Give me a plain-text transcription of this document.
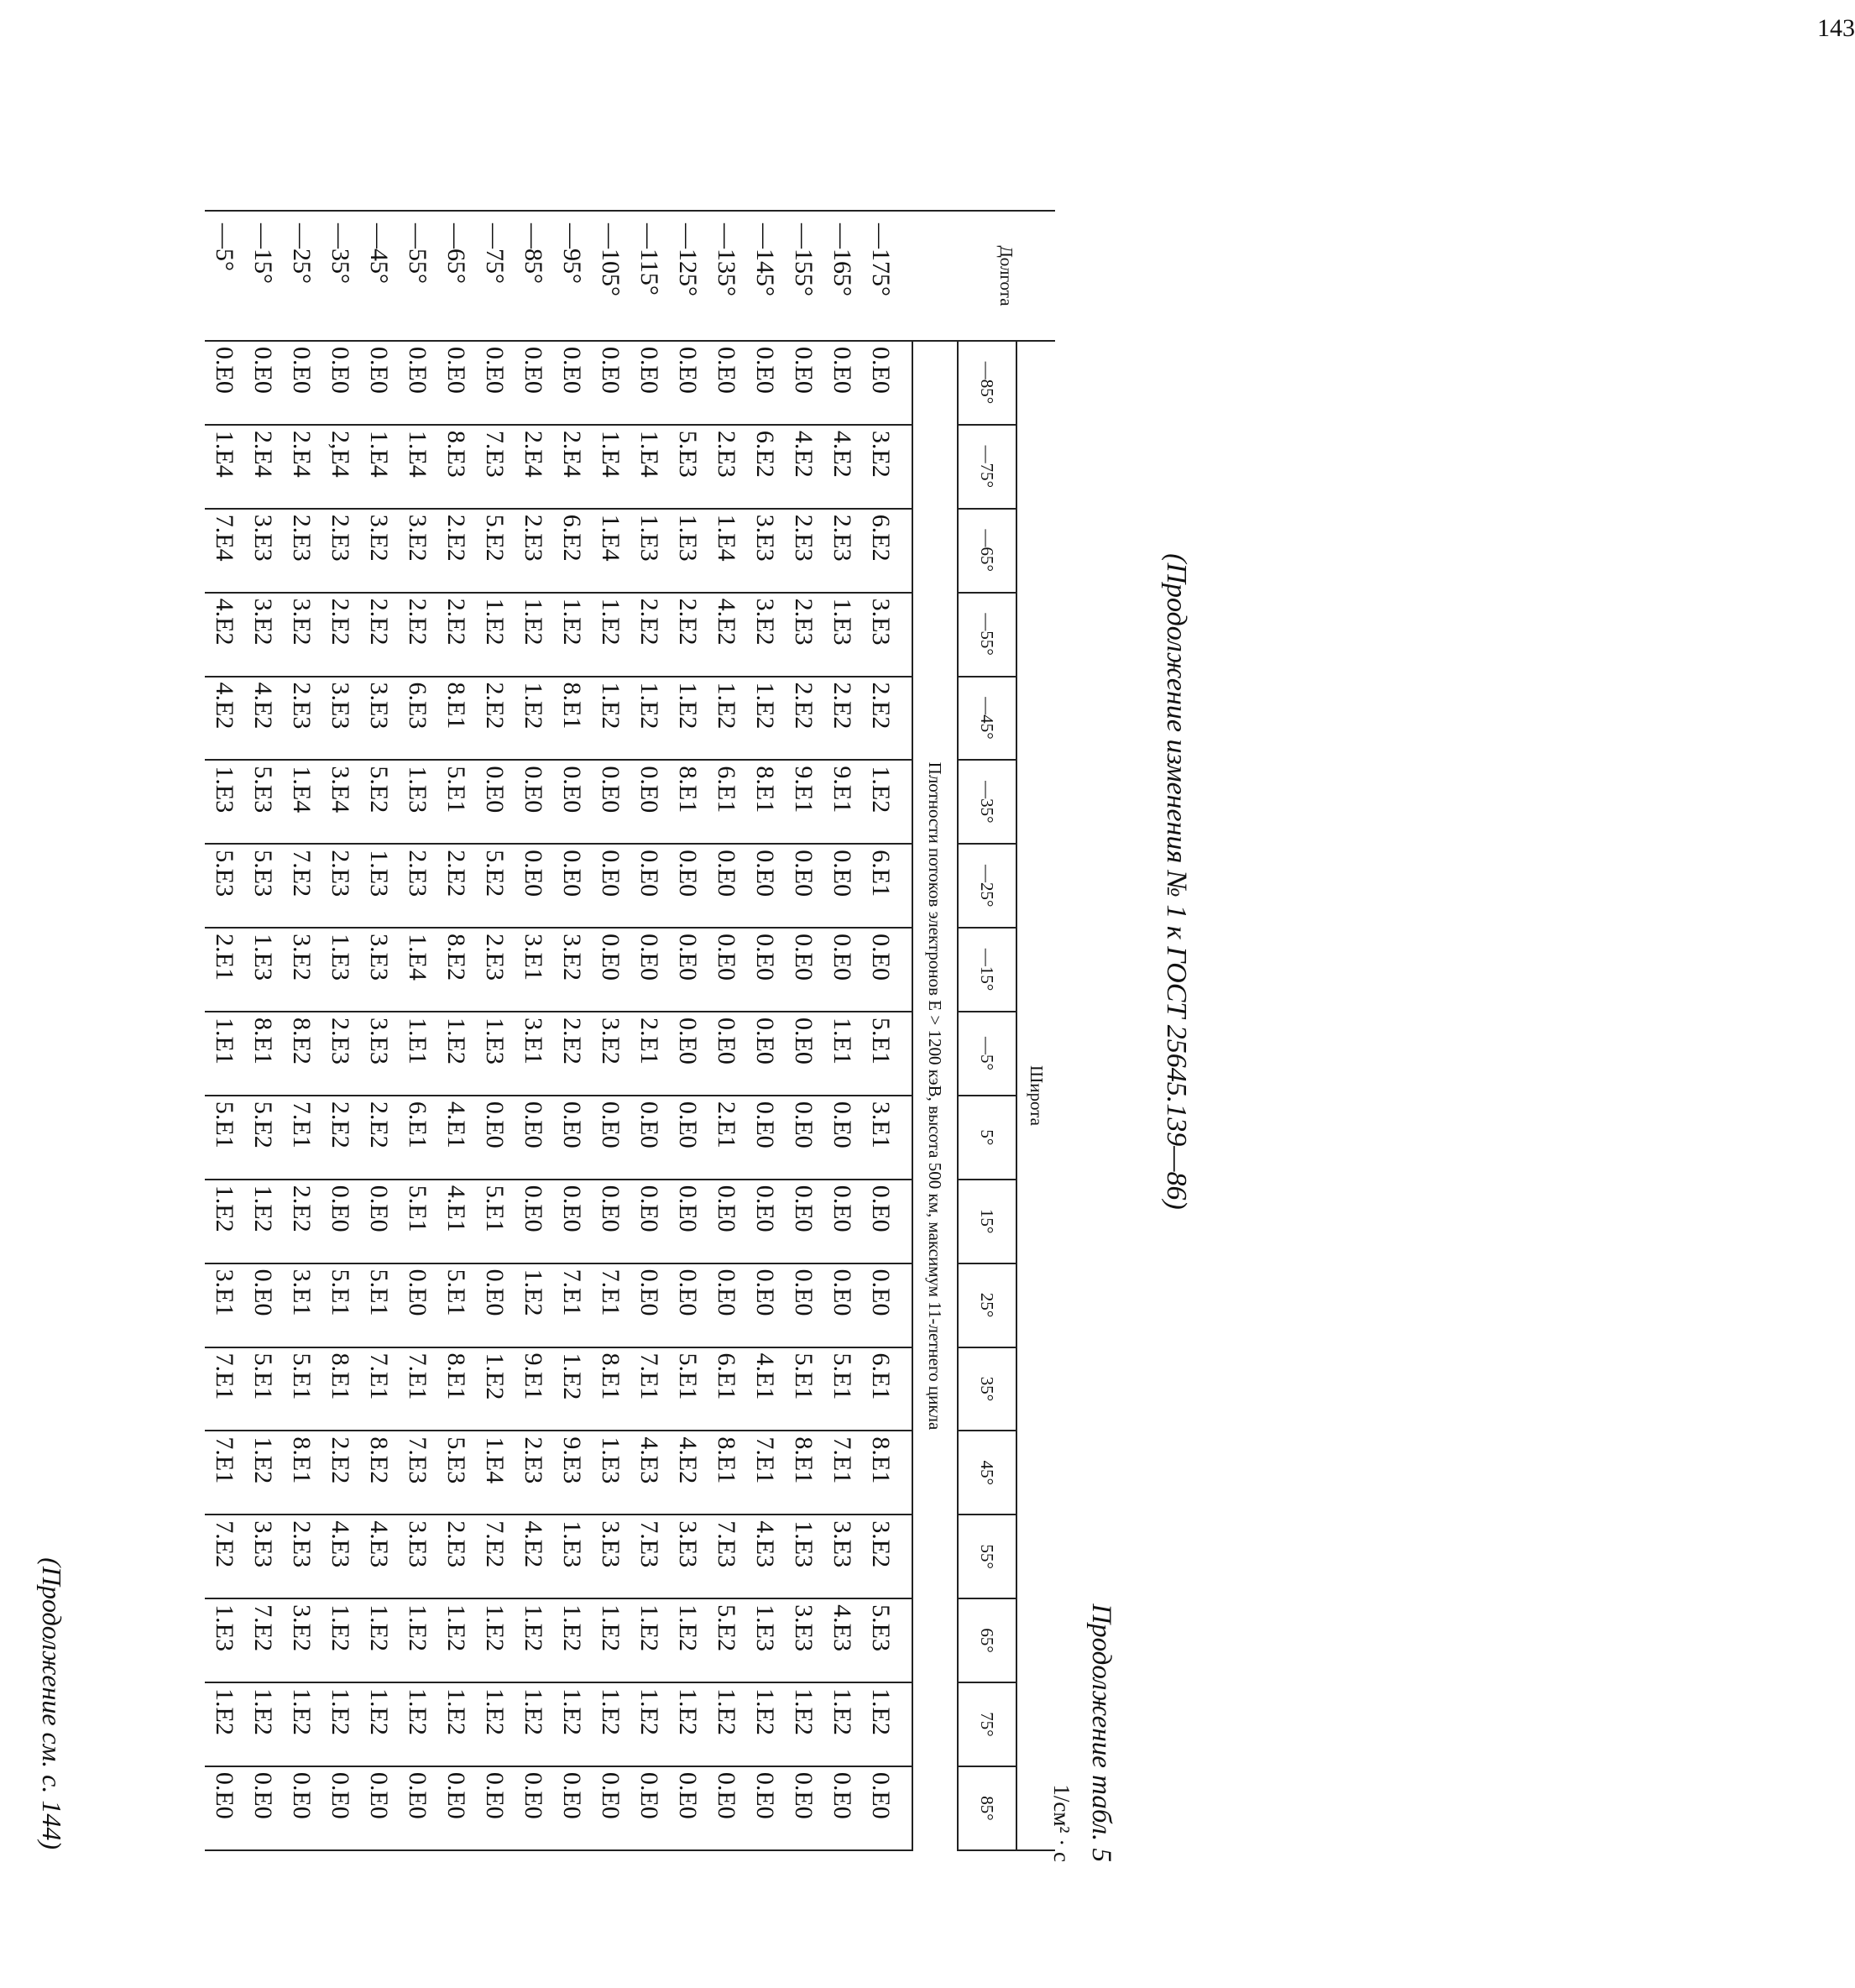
(Продолжение изменения № 1 к ГОСТ 25645.139—86)
Продолжение табл. 5
1/см² · с
Долгота	Широта																	
	—85°	—75°	—65°	—55°	—45°	—35°	—25°	—15°	—5°	5°	15°	25°	35°	45°	55°	65°	75°	85°
	Плотности потоков электронов E > 1200 кэВ, высота 500 км, максимум 11-летнего цикла																	
—175°	0.E0	3.E2	6.E2	3.E3	2.E2	1.E2	6.E1	0.E0	5.E1	3.E1	0.E0	0.E0	6.E1	8.E1	3.E2	5.E3	1.E2	0.E0
—165°	0.E0	4.E2	2.E3	1.E3	2.E2	9.E1	0.E0	0.E0	1.E1	0.E0	0.E0	0.E0	5.E1	7.E1	3.E3	4.E3	1.E2	0.E0
—155°	0.E0	4.E2	2.E3	2.E3	2.E2	9.E1	0.E0	0.E0	0.E0	0.E0	0.E0	0.E0	5.E1	8.E1	1.E3	3.E3	1.E2	0.E0
—145°	0.E0	6.E2	3.E3	3.E2	1.E2	8.E1	0.E0	0.E0	0.E0	0.E0	0.E0	0.E0	4.E1	7.E1	4.E3	1.E3	1.E2	0.E0
—135°	0.E0	2.E3	1.E4	4.E2	1.E2	6.E1	0.E0	0.E0	0.E0	2.E1	0.E0	0.E0	6.E1	8.E1	7.E3	5.E2	1.E2	0.E0
—125°	0.E0	5.E3	1.E3	2.E2	1.E2	8.E1	0.E0	0.E0	0.E0	0.E0	0.E0	0.E0	5.E1	4.E2	3.E3	1.E2	1.E2	0.E0
—115°	0.E0	1.E4	1.E3	2.E2	1.E2	0.E0	0.E0	0.E0	2.E1	0.E0	0.E0	0.E0	7.E1	4.E3	7.E3	1.E2	1.E2	0.E0
—105°	0.E0	1.E4	1.E4	1.E2	1.E2	0.E0	0.E0	0.E0	3.E2	0.E0	0.E0	7.E1	8.E1	1.E3	3.E3	1.E2	1.E2	0.E0
—95°	0.E0	2.E4	6.E2	1.E2	8.E1	0.E0	0.E0	3.E2	2.E2	0.E0	0.E0	7.E1	1.E2	9.E3	1.E3	1.E2	1.E2	0.E0
—85°	0.E0	2.E4	2.E3	1.E2	1.E2	0.E0	0.E0	3.E1	3.E1	0.E0	0.E0	1.E2	9.E1	2.E3	4.E2	1.E2	1.E2	0.E0
—75°	0.E0	7.E3	5.E2	1.E2	2.E2	0.E0	5.E2	2.E3	1.E3	0.E0	5.E1	0.E0	1.E2	1.E4	7.E2	1.E2	1.E2	0.E0
—65°	0.E0	8.E3	2.E2	2.E2	8.E1	5.E1	2.E2	8.E2	1.E2	4.E1	4.E1	5.E1	8.E1	5.E3	2.E3	1.E2	1.E2	0.E0
—55°	0.E0	1.E4	3.E2	2.E2	6.E3	1.E3	2.E3	1.E4	1.E1	6.E1	5.E1	0.E0	7.E1	7.E3	3.E3	1.E2	1.E2	0.E0
—45°	0.E0	1.E4	3.E2	2.E2	3.E3	5.E2	1.E3	3.E3	3.E3	2.E2	0.E0	5.E1	7.E1	8.E2	4.E3	1.E2	1.E2	0.E0
—35°	0.E0	2,E4	2.E3	2.E2	3.E3	3.E4	2.E3	1.E3	2.E3	2.E2	0.E0	5.E1	8.E1	2.E2	4.E3	1.E2	1.E2	0.E0
—25°	0.E0	2.E4	2.E3	3.E2	2.E3	1.E4	7.E2	3.E2	8.E2	7.E1	2.E2	3.E1	5.E1	8.E1	2.E3	3.E2	1.E2	0.E0
—15°	0.E0	2.E4	3.E3	3.E2	4.E2	5.E3	5.E3	1.E3	8.E1	5.E2	1.E2	0.E0	5.E1	1.E2	3.E3	7.E2	1.E2	0.E0
—5°	0.E0	1.E4	7.E4	4.E2	4.E2	1.E3	5.E3	2.E1	1.E1	5.E1	1.E2	3.E1	7.E1	7.E1	7.E2	1.E3	1.E2	0.E0
(Продолжение см. с. 144)
143
